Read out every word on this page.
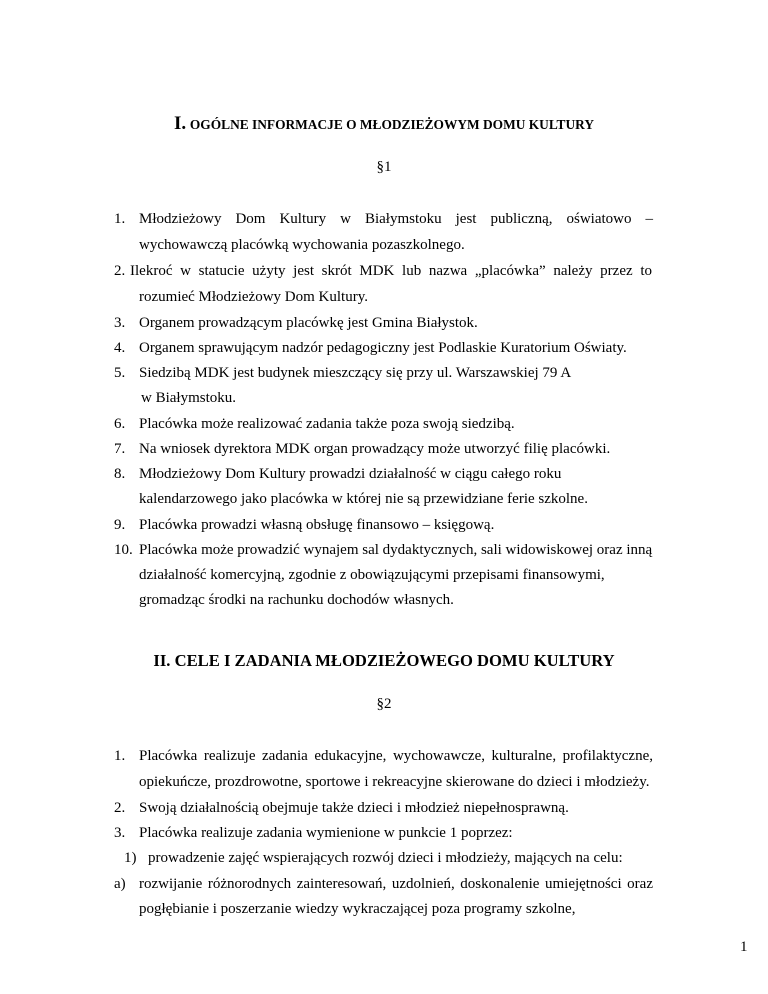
I. OGÓLNE INFORMACJE O MŁODZIEŻOWYM DOMU KULTURY
§1
1. Młodzieżowy Dom Kultury w Białymstoku jest publiczną, oświatowo –
wychowawczą placówką wychowania pozaszkolnego.
2. Ilekroć w statucie użyty jest skrót MDK lub nazwa „placówka” należy przez to
rozumieć Młodzieżowy Dom Kultury.
3. Organem prowadzącym placówkę jest Gmina Białystok.
4. Organem sprawującym nadzór pedagogiczny jest Podlaskie Kuratorium Oświaty.
5. Siedzibą MDK jest budynek mieszczący się przy ul. Warszawskiej 79 A
w Białymstoku.
6. Placówka może realizować zadania także poza swoją siedzibą.
7. Na wniosek dyrektora MDK organ prowadzący może utworzyć filię placówki.
8. Młodzieżowy Dom Kultury prowadzi działalność w ciągu całego roku
kalendarzowego jako placówka w której nie są przewidziane ferie szkolne.
9. Placówka prowadzi własną obsługę finansowo – księgową.
10. Placówka może prowadzić wynajem sal dydaktycznych, sali widowiskowej oraz inną
działalność komercyjną, zgodnie z obowiązującymi przepisami finansowymi,
gromadząc środki na rachunku dochodów własnych.
II. CELE I ZADANIA MŁODZIEŻOWEGO DOMU KULTURY
§2
1. Placówka realizuje zadania edukacyjne, wychowawcze, kulturalne, profilaktyczne,
opiekuńcze, prozdrowotne, sportowe i rekreacyjne skierowane do dzieci i młodzieży.
2. Swoją działalnością obejmuje także dzieci i młodzież niepełnosprawną.
3. Placówka realizuje zadania wymienione w punkcie 1 poprzez:
1) prowadzenie zajęć wspierających rozwój dzieci i młodzieży, mających na celu:
a) rozwijanie różnorodnych zainteresowań, uzdolnień, doskonalenie umiejętności oraz
pogłębianie i poszerzanie wiedzy wykraczającej poza programy szkolne,
1
